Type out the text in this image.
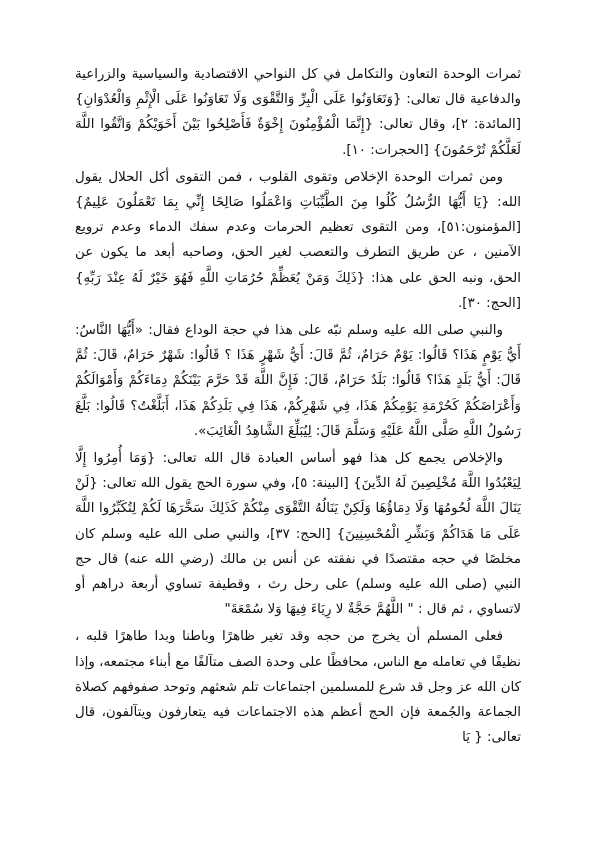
ثمرات الوحدة التعاون والتكامل في كل النواحي الاقتصادية والسياسية والزراعية والدفاعية قال تعالى: {وَتَعَاوَنُوا عَلَى الْبِرِّ وَالتَّقْوَى وَلَا تَعَاوَنُوا عَلَى الْإِثْمِ وَالْعُدْوَانِ} [المائدة: ٢]، وقال تعالى: {إِنَّمَا الْمُؤْمِنُونَ إِخْوَةٌ فَأَصْلِحُوا بَيْنَ أَخَوَيْكُمْ وَاتَّقُوا اللَّهَ لَعَلَّكُمْ تُرْحَمُونَ} [الحجرات: ١٠].

ومن ثمرات الوحدة الإخلاص وتقوى القلوب ، فمن التقوى أكل الحلال يقول الله: {يَا أَيُّهَا الرُّسُلُ كُلُوا مِنَ الطَّيِّبَاتِ وَاعْمَلُوا صَالِحًا إِنِّي بِمَا تَعْمَلُونَ عَلِيمٌ} [المؤمنون:٥١]، ومن التقوى تعظيم الحرمات وعدم سفك الدماء وعدم ترويع الآمنين ، عن طريق التطرف والتعصب لغير الحق، وصاحبه أبعد ما يكون عن الحق، ونبه الحق على هذا: {ذَلِكَ وَمَنْ يُعَظِّمْ حُرُمَاتِ اللَّهِ فَهُوَ خَيْرٌ لَهُ عِنْدَ رَبِّهِ} [الحج: ٣٠].

والنبي صلى الله عليه وسلم نبّه على هذا في حجة الوداع فقال: «أَيُّهَا النَّاسُ: أَيُّ يَوْمٍ هَذَا؟ قَالُوا: يَوْمٌ حَرَامٌ، ثُمَّ قَالَ: أَيُّ شَهْرٍ هَذَا ؟ قَالُوا: شَهْرٌ حَرَامٌ، قَالَ: ثُمَّ قَالَ: أَيُّ بَلَدٍ هَذَا؟ قَالُوا: بَلَدٌ حَرَامٌ، قَالَ: فَإِنَّ اللَّهَ قَدْ حَرَّمَ بَيْنَكُمْ دِمَاءَكُمْ وَأَمْوَالَكُمْ وَأَعْرَاضَكُمْ كَحُرْمَةِ يَوْمِكُمْ هَذَا، فِي شَهْرِكُمْ، هَذَا فِي بَلَدِكُمْ هَذَا، أَبَلَّغْتُ؟ قَالُوا: بَلَّغَ رَسُولُ اللَّهِ صَلَّى اللَّهُ عَلَيْهِ وَسَلَّمَ قَالَ: لِيُبَلِّغَ الشَّاهِدُ الْغَائِبَ».

والإخلاص يجمع كل هذا فهو أساس العبادة قال الله تعالى: {وَمَا أُمِرُوا إِلَّا لِيَعْبُدُوا اللَّهَ مُخْلِصِينَ لَهُ الدِّينَ} [البينة: ٥]، وفي سورة الحج يقول الله تعالى: {لَنْ يَنَالَ اللَّهَ لُحُومُهَا وَلَا دِمَاؤُهَا وَلَكِنْ يَنَالُهُ التَّقْوَى مِنْكُمْ كَذَلِكَ سَخَّرَهَا لَكُمْ لِتُكَبِّرُوا اللَّهَ عَلَى مَا هَدَاكُمْ وَبَشِّرِ الْمُحْسِنِينَ} [الحج: ٣٧]، والنبي صلى الله عليه وسلم كان مخلصًا في حجه مقتصدًا في نفقته عن أنس بن مالك (رضي الله عنه) قال حج النبي (صلى الله عليه وسلم) على رحل رث ، وقطيفة تساوي أربعة دراهم أو لاتساوي ، ثم قال : " اللَّهُمَّ حَجَّةٌ لا رِيَاءَ فِيهَا وَلا سُمْعَةَ"

فعلى المسلم أن يخرج من حجه وقد تغير ظاهرًا وباطنا وبدا طاهرًا قلبه ، نظيفًا في تعامله مع الناس، محافظًا على وحدة الصف متآلفًا مع أبناء مجتمعه، وإذا كان الله عز وجل قد شرع للمسلمين اجتماعات تلم شعثهم وتوحد صفوفهم كصلاة الجماعة والجُمعة فإن الحج أعظم هذه الاجتماعات فيه يتعارفون ويتآلفون، قال تعالى: { يَا
